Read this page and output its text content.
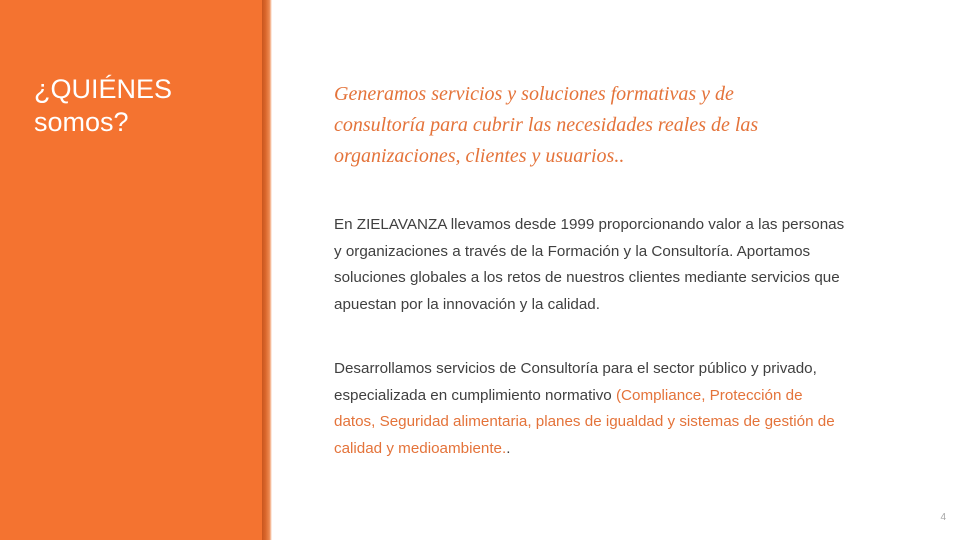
¿QUIÉNES
somos?

Generamos servicios y soluciones formativas y de
consultoría para cubrir las necesidades reales de las
organizaciones, clientes y usuarios..

En ZIELAVANZA llevamos desde 1999 proporcionando valor a las personas
y organizaciones a través de la Formación y la Consultoría. Aportamos
soluciones globales a los retos de nuestros clientes mediante servicios que
apuestan por la innovación y la calidad.

Desarrollamos servicios de Consultoría para el sector público y privado,
especializada en cumplimiento normativo (Compliance, Protección de
datos, Seguridad alimentaria, planes de igualdad y sistemas de gestión de
calidad y medioambiente..

4
